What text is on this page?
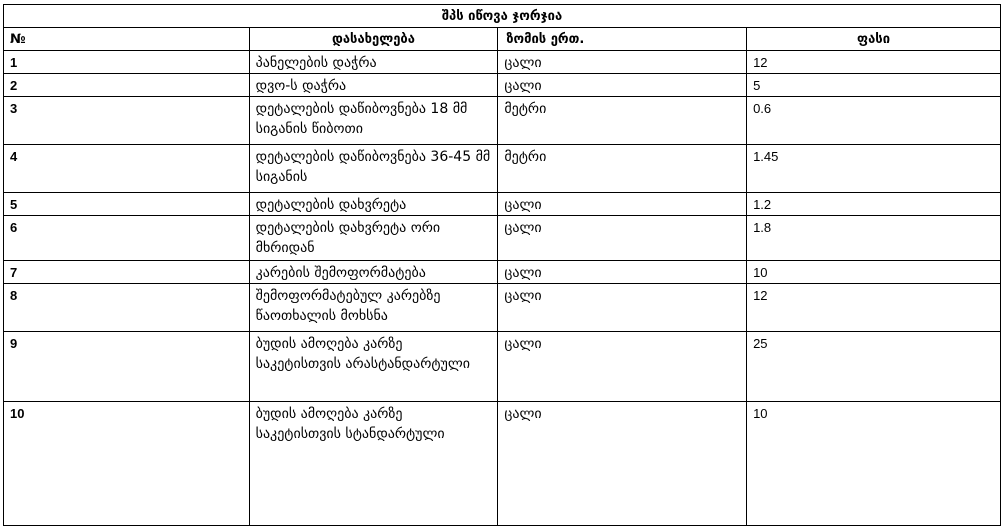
შპს იწოვა ჯორჯია			
№	დასახელება	ზომის ერთ.	ფასი
1	პანელების დაჭრა	ცალი	12
2	დვო-ს დაჭრა	ცალი	5
3	დეტალების დაწიბოვნება 18 მმ სიგანის წიბოთი	მეტრი	0.6
4	დეტალების დაწიბოვნება 36-45 მმ სიგანის	მეტრი	1.45
5	დეტალების დახვრეტა	ცალი	1.2
6	დეტალების დახვრეტა ორი მხრიდან	ცალი	1.8
7	კარების შემოფორმატება	ცალი	10
8	შემოფორმატებულ კარებზე წაოთხალის მოხსნა	ცალი	12
9	ბუდის ამოღება კარზე საკეტისთვის არასტანდარტული	ცალი	25
10	ბუდის ამოღება კარზე საკეტისთვის სტანდარტული	ცალი	10
